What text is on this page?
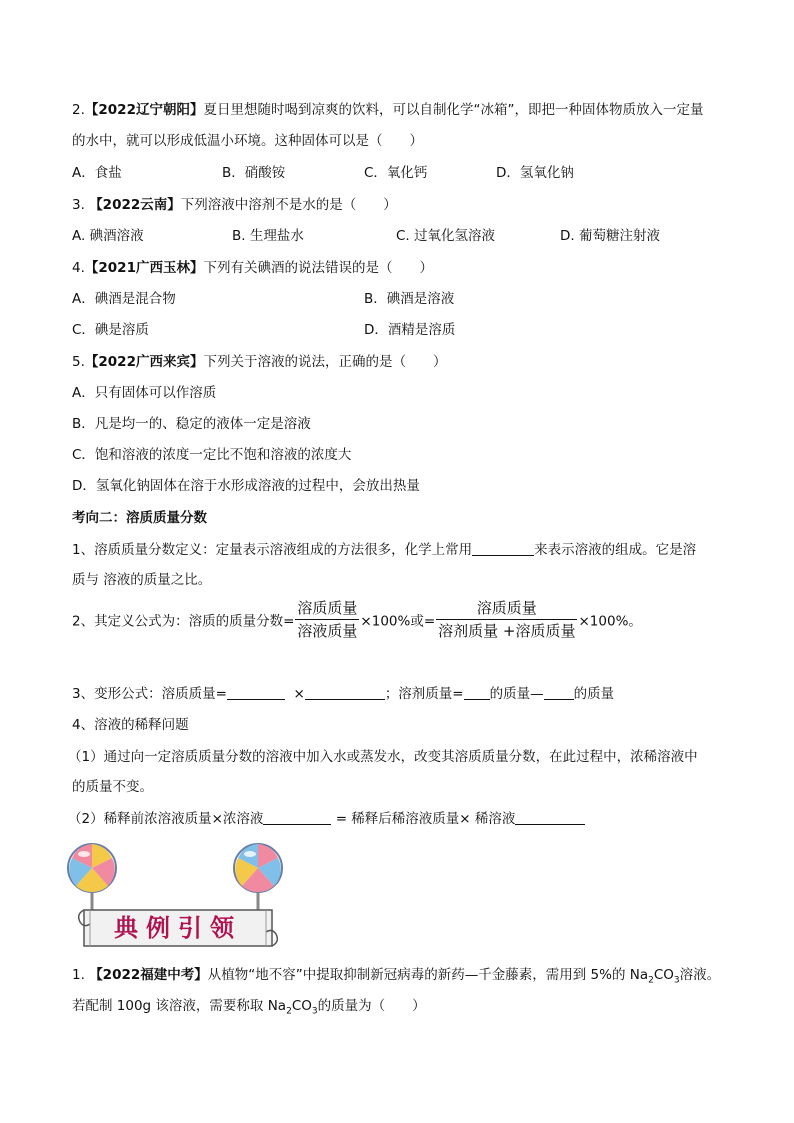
2.【2022辽宁朝阳】夏日里想随时喝到凉爽的饮料，可以自制化学“冰箱”，即把一种固体物质放入一定量
的水中，就可以形成低温小环境。这种固体可以是（　　）
A．食盐	B．硝酸铵	C．氧化钙	D．氢氧化钠
3. 【2022云南】下列溶液中溶剂不是水的是（　　）
A. 碘酒溶液	B. 生理盐水	C. 过氧化氢溶液	D. 葡萄糖注射液
4.【2021广西玉林】下列有关碘酒的说法错误的是（　　）
A．碘酒是混合物	B．碘酒是溶液
C．碘是溶质	D．酒精是溶质
5.【2022广西来宾】下列关于溶液的说法，正确的是（　　）
A．只有固体可以作溶质
B．凡是均一的、稳定的液体一定是溶液
C．饱和溶液的浓度一定比不饱和溶液的浓度大
D．氢氧化钠固体在溶于水形成溶液的过程中，会放出热量
考向二：溶质质量分数
1、溶质质量分数定义：定量表示溶液组成的方法很多，化学上常用	来表示溶液的组成。它是溶
质与 溶液的质量之比。
2、其定义公式为：溶质的质量分数= $\frac{\text{溶质质量}}{\text{溶液质量}} \times 100\%$或= $\frac{\text{溶质质量}}{\text{溶剂质量 +溶质质量}} \times 100\%$。
3、变形公式：溶质质量=	×	；溶剂质量= 的质量— 的质量
4、溶液的稀释问题
（1）通过向一定溶质质量分数的溶液中加入水或蒸发水，改变其溶质质量分数，在此过程中，浓稀溶液中
的质量不变。
（2）稀释前浓溶液质量×浓溶液	= 稀释后稀溶液质量× 稀溶液
典例引领
1. 【2022福建中考】从植物“地不容”中提取抑制新冠病毒的新药—千金藤素，需用到 5%的 $Na_2CO_3$溶液。
若配制 100g 该溶液，需要称取 $Na_2CO_3$的质量为（　　）
